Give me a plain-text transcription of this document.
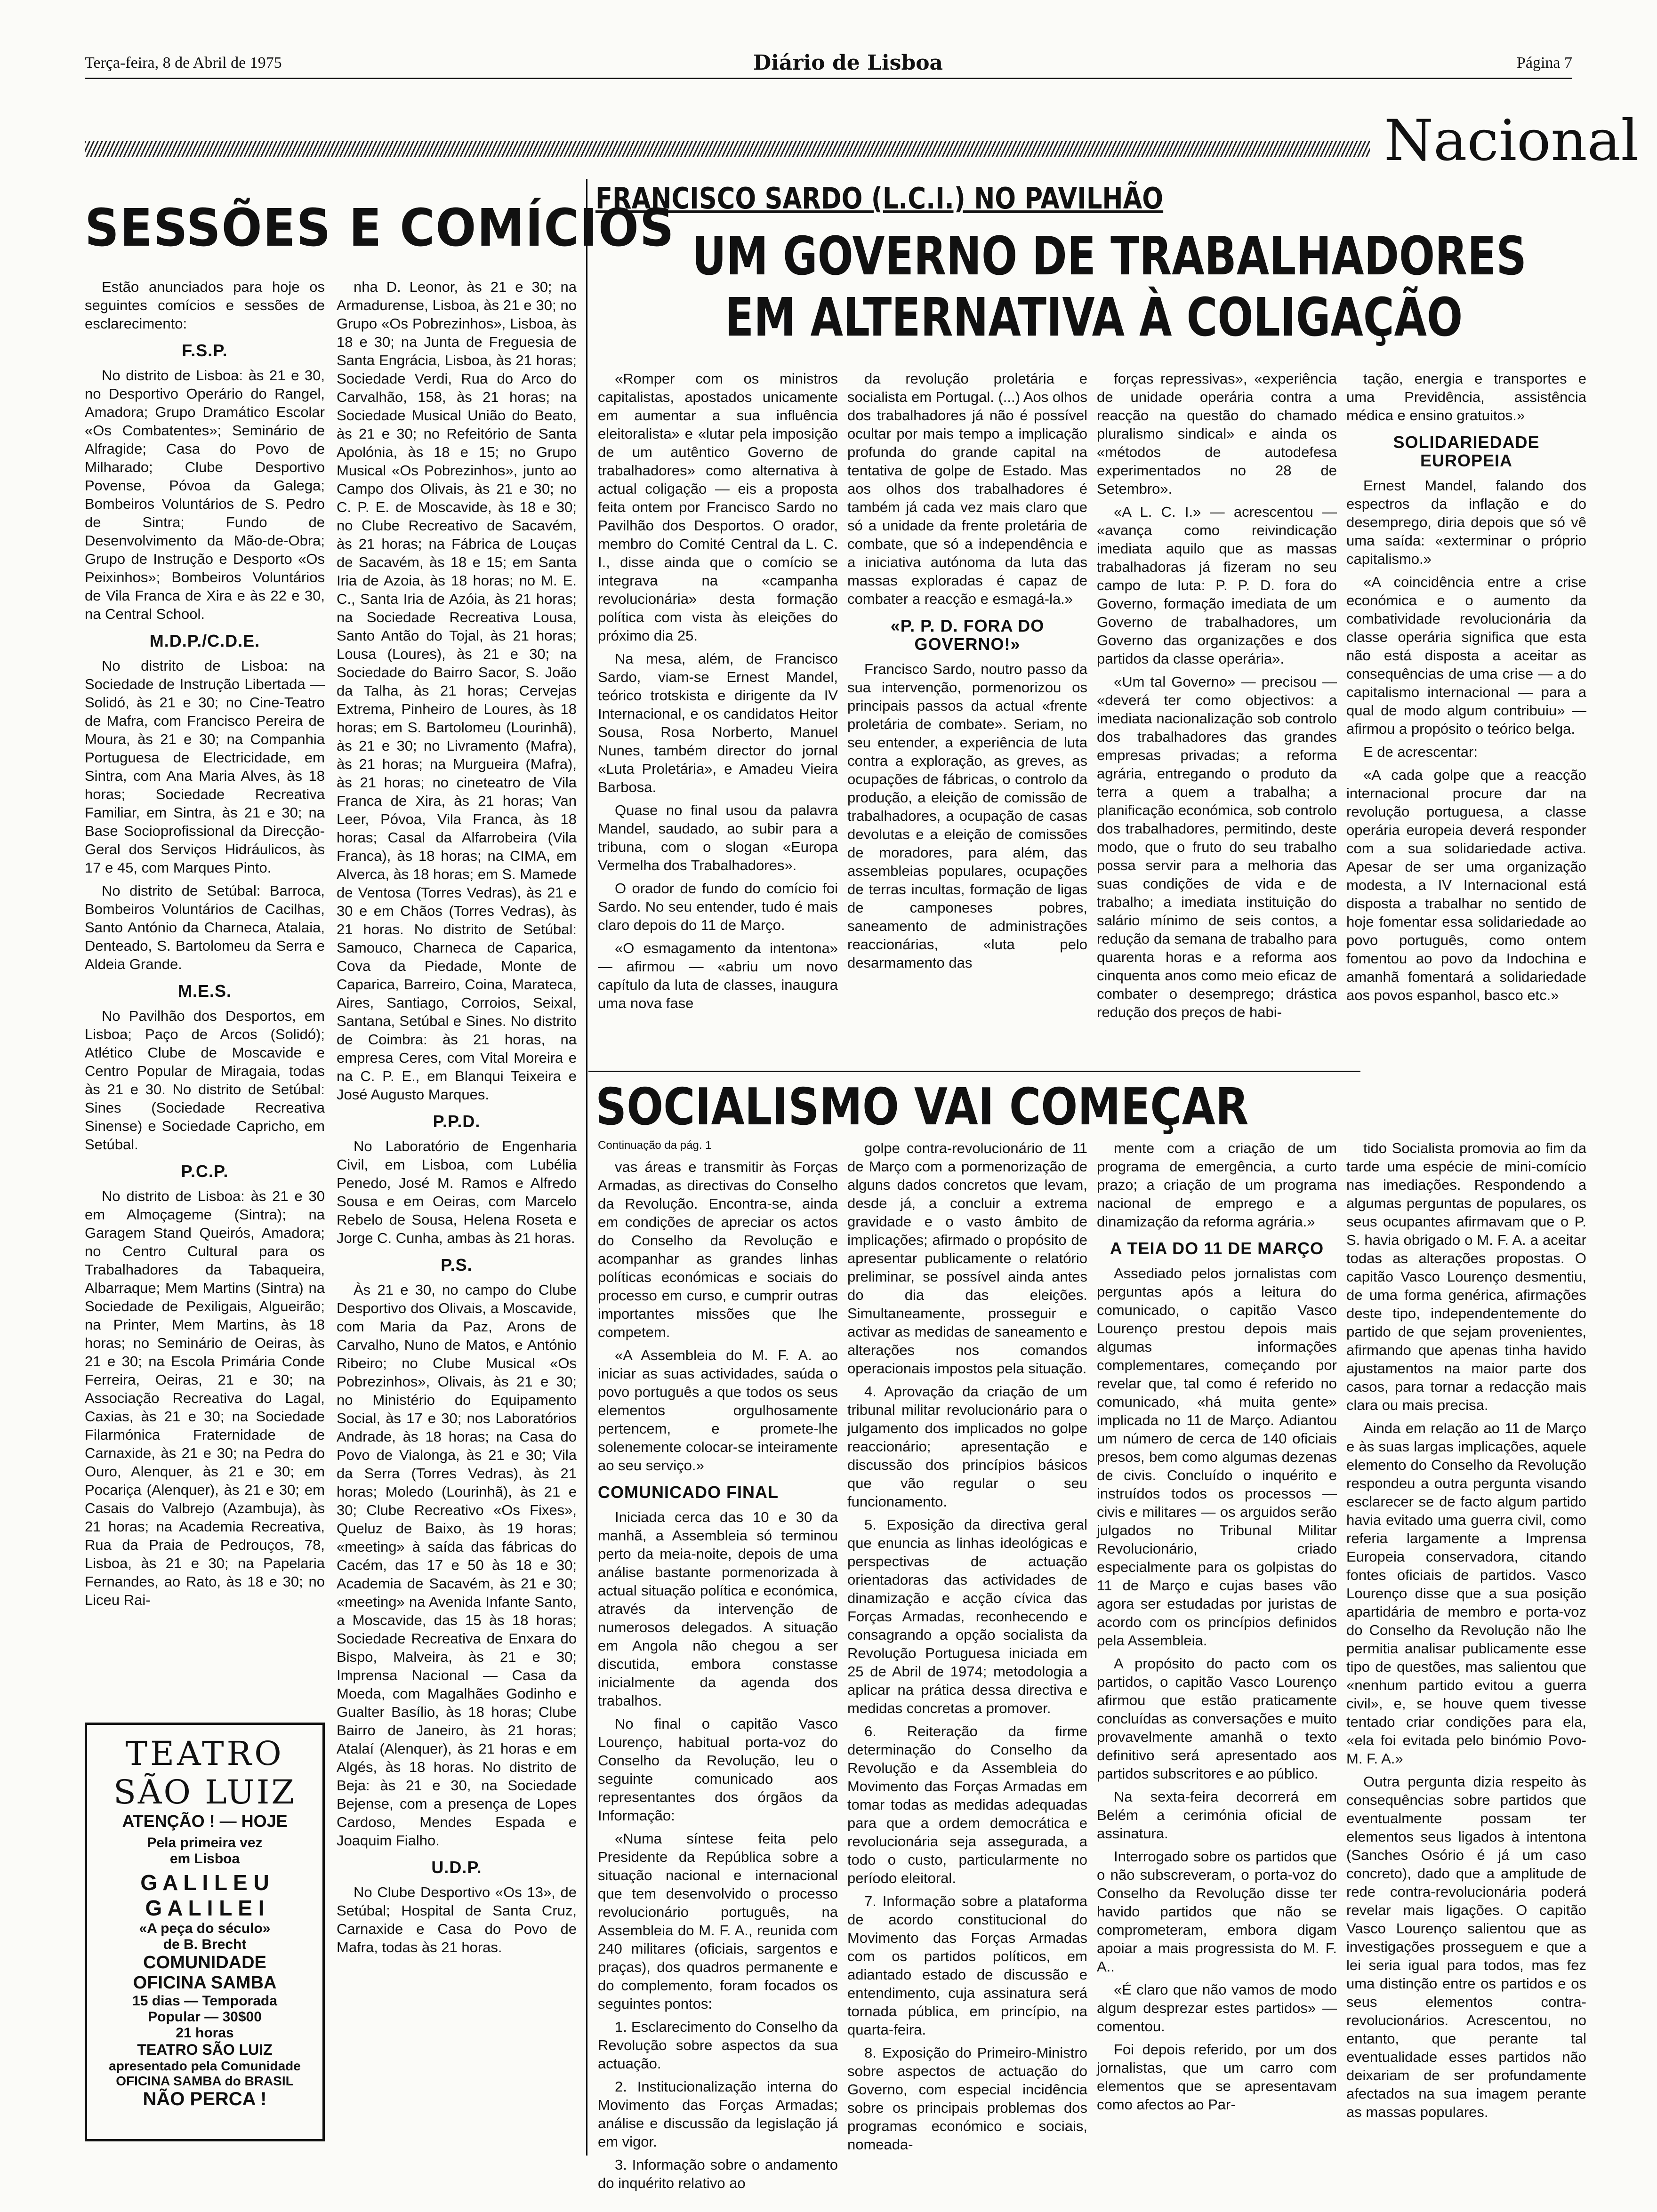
Terça-feira, 8 de Abril de 1975	Diário de Lisboa	Página 7
Nacional
SESSÕES E COMÍCIOS

Estão anunciados para hoje os seguintes comícios e sessões de esclarecimento:

F.S.P.

No distrito de Lisboa: às 21 e 30, no Desportivo Operário do Rangel, Amadora; Grupo Dramático Escolar «Os Combatentes»; Seminário de Alfragide; Casa do Povo de Milharado; Clube Desportivo Povense, Póvoa da Galega; Bombeiros Voluntários de S. Pedro de Sintra; Fundo de Desenvolvimento da Mão-de-Obra; Grupo de Instrução e Desporto «Os Peixinhos»; Bombeiros Voluntários de Vila Franca de Xira e às 22 e 30, na Central School.

M.D.P./C.D.E.

No distrito de Lisboa: na Sociedade de Instrução Libertada — Solidó, às 21 e 30; no Cine-Teatro de Mafra, com Francisco Pereira de Moura, às 21 e 30; na Companhia Portuguesa de Electricidade, em Sintra, com Ana Maria Alves, às 18 horas; Sociedade Recreativa Familiar, em Sintra, às 21 e 30; na Base Socioprofissional da Direcção-Geral dos Serviços Hidráulicos, às 17 e 45, com Marques Pinto.

No distrito de Setúbal: Barroca, Bombeiros Voluntários de Cacilhas, Santo António da Charneca, Atalaia, Denteado, S. Bartolomeu da Serra e Aldeia Grande.

M.E.S.

No Pavilhão dos Desportos, em Lisboa; Paço de Arcos (Solidó); Atlético Clube de Moscavide e Centro Popular de Miragaia, todas às 21 e 30. No distrito de Setúbal: Sines (Sociedade Recreativa Sinense) e Sociedade Capricho, em Setúbal.

P.C.P.

No distrito de Lisboa: às 21 e 30 em Almoçageme (Sintra); na Garagem Stand Queirós, Amadora; no Centro Cultural para os Trabalhadores da Tabaqueira, Albarraque; Mem Martins (Sintra) na Sociedade de Pexiligais, Algueirão; na Printer, Mem Martins, às 18 horas; no Seminário de Oeiras, às 21 e 30; na Escola Primária Conde Ferreira, Oeiras, 21 e 30; na Associação Recreativa do Lagal, Caxias, às 21 e 30; na Sociedade Filarmónica Fraternidade de Carnaxide, às 21 e 30; na Pedra do Ouro, Alenquer, às 21 e 30; em Pocariça (Alenquer), às 21 e 30; em Casais do Valbrejo (Azambuja), às 21 horas; na Academia Recreativa, Rua da Praia de Pedrouços, 78, Lisboa, às 21 e 30; na Papelaria Fernandes, ao Rato, às 18 e 30; no Liceu Rai-

nha D. Leonor, às 21 e 30; na Armadurense, Lisboa, às 21 e 30; no Grupo «Os Pobrezinhos», Lisboa, às 18 e 30; na Junta de Freguesia de Santa Engrácia, Lisboa, às 21 horas; Sociedade Verdi, Rua do Arco do Carvalhão, 158, às 21 horas; na Sociedade Musical União do Beato, às 21 e 30; no Refeitório de Santa Apolónia, às 18 e 15; no Grupo Musical «Os Pobrezinhos», junto ao Campo dos Olivais, às 21 e 30; no C. P. E. de Moscavide, às 18 e 30; no Clube Recreativo de Sacavém, às 21 horas; na Fábrica de Louças de Sacavém, às 18 e 15; em Santa Iria de Azoia, às 18 horas; no M. E. C., Santa Iria de Azóia, às 21 horas; na Sociedade Recreativa Lousa, Santo Antão do Tojal, às 21 horas; Lousa (Loures), às 21 e 30; na Sociedade do Bairro Sacor, S. João da Talha, às 21 horas; Cervejas Extrema, Pinheiro de Loures, às 18 horas; em S. Bartolomeu (Lourinhã), às 21 e 30; no Livramento (Mafra), às 21 horas; na Murgueira (Mafra), às 21 horas; no cineteatro de Vila Franca de Xira, às 21 horas; Van Leer, Póvoa, Vila Franca, às 18 horas; Casal da Alfarrobeira (Vila Franca), às 18 horas; na CIMA, em Alverca, às 18 horas; em S. Mamede de Ventosa (Torres Vedras), às 21 e 30 e em Chãos (Torres Vedras), às 21 horas. No distrito de Setúbal: Samouco, Charneca de Caparica, Cova da Piedade, Monte de Caparica, Barreiro, Coina, Marateca, Aires, Santiago, Corroios, Seixal, Santana, Setúbal e Sines. No distrito de Coimbra: às 21 horas, na empresa Ceres, com Vital Moreira e na C. P. E., em Blanqui Teixeira e José Augusto Marques.

P.P.D.

No Laboratório de Engenharia Civil, em Lisboa, com Lubélia Penedo, José M. Ramos e Alfredo Sousa e em Oeiras, com Marcelo Rebelo de Sousa, Helena Roseta e Jorge C. Cunha, ambas às 21 horas.

P.S.

Às 21 e 30, no campo do Clube Desportivo dos Olivais, a Moscavide, com Maria da Paz, Arons de Carvalho, Nuno de Matos, e António Ribeiro; no Clube Musical «Os Pobrezinhos», Olivais, às 21 e 30; no Ministério do Equipamento Social, às 17 e 30; nos Laboratórios Andrade, às 18 horas; na Casa do Povo de Vialonga, às 21 e 30; Vila da Serra (Torres Vedras), às 21 horas; Moledo (Lourinhã), às 21 e 30; Clube Recreativo «Os Fixes», Queluz de Baixo, às 19 horas; «meeting» à saída das fábricas do Cacém, das 17 e 50 às 18 e 30; Academia de Sacavém, às 21 e 30; «meeting» na Avenida Infante Santo, a Moscavide, das 15 às 18 horas; Sociedade Recreativa de Enxara do Bispo, Malveira, às 21 e 30; Imprensa Nacional — Casa da Moeda, com Magalhães Godinho e Gualter Basílio, às 18 horas; Clube Bairro de Janeiro, às 21 horas; Atalaí (Alenquer), às 21 horas e em Algés, às 18 horas. No distrito de Beja: às 21 e 30, na Sociedade Bejense, com a presença de Lopes Cardoso, Mendes Espada e Joaquim Fialho.

U.D.P.

No Clube Desportivo «Os 13», de Setúbal; Hospital de Santa Cruz, Carnaxide e Casa do Povo de Mafra, todas às 21 horas.

TEATRO
SÃO LUIZ
ATENÇÃO ! — HOJE
Pela primeira vez
em Lisboa
G A L I L E U
G A L I L E I
«A peça do século»
de B. Brecht
COMUNIDADE
OFICINA SAMBA
15 dias — Temporada
Popular — 30$00
21 horas
TEATRO SÃO LUIZ
apresentado pela Comunidade OFICINA SAMBA do BRASIL
NÃO PERCA !
FRANCISCO SARDO (L.C.I.) NO PAVILHÃO
UM GOVERNO DE TRABALHADORES
EM ALTERNATIVA À COLIGAÇÃO

«Romper com os ministros capitalistas, apostados unicamente em aumentar a sua influência eleitoralista» e «lutar pela imposição de um autêntico Governo de trabalhadores» como alternativa à actual coligação — eis a proposta feita ontem por Francisco Sardo no Pavilhão dos Desportos. O orador, membro do Comité Central da L. C. I., disse ainda que o comício se integrava na «campanha revolucionária» desta formação política com vista às eleições do próximo dia 25.

Na mesa, além, de Francisco Sardo, viam-se Ernest Mandel, teórico trotskista e dirigente da IV Internacional, e os candidatos Heitor Sousa, Rosa Norberto, Manuel Nunes, também director do jornal «Luta Proletária», e Amadeu Vieira Barbosa.

Quase no final usou da palavra Mandel, saudado, ao subir para a tribuna, com o slogan «Europa Vermelha dos Trabalhadores».

O orador de fundo do comício foi Sardo. No seu entender, tudo é mais claro depois do 11 de Março.

«O esmagamento da intentona» — afirmou — «abriu um novo capítulo da luta de classes, inaugura uma nova fase

da revolução proletária e socialista em Portugal. (...) Aos olhos dos trabalhadores já não é possível ocultar por mais tempo a implicação profunda do grande capital na tentativa de golpe de Estado. Mas aos olhos dos trabalhadores é também já cada vez mais claro que só a unidade da frente proletária de combate, que só a independência e a iniciativa autónoma da luta das massas exploradas é capaz de combater a reacção e esmagá-la.»

«P. P. D. FORA DO GOVERNO!»

Francisco Sardo, noutro passo da sua intervenção, pormenorizou os principais passos da actual «frente proletária de combate». Seriam, no seu entender, a experiência de luta contra a exploração, as greves, as ocupações de fábricas, o controlo da produção, a eleição de comissão de trabalhadores, a ocupação de casas devolutas e a eleição de comissões de moradores, para além, das assembleias populares, ocupações de terras incultas, formação de ligas de camponeses pobres, saneamento de administrações reaccionárias, «luta pelo desarmamento das

forças repressivas», «experiência de unidade operária contra a reacção na questão do chamado pluralismo sindical» e ainda os «métodos de autodefesa experimentados no 28 de Setembro».

«A L. C. I.» — acrescentou — «avança como reivindicação imediata aquilo que as massas trabalhadoras já fizeram no seu campo de luta: P. P. D. fora do Governo, formação imediata de um Governo de trabalhadores, um Governo das organizações e dos partidos da classe operária».

«Um tal Governo» — precisou — «deverá ter como objectivos: a imediata nacionalização sob controlo dos trabalhadores das grandes empresas privadas; a reforma agrária, entregando o produto da terra a quem a trabalha; a planificação económica, sob controlo dos trabalhadores, permitindo, deste modo, que o fruto do seu trabalho possa servir para a melhoria das suas condições de vida e de trabalho; a imediata instituição do salário mínimo de seis contos, a redução da semana de trabalho para quarenta horas e a reforma aos cinquenta anos como meio eficaz de combater o desemprego; drástica redução dos preços de habi-

tação, energia e transportes e uma Previdência, assistência médica e ensino gratuitos.»

SOLIDARIEDADE EUROPEIA

Ernest Mandel, falando dos espectros da inflação e do desemprego, diria depois que só vê uma saída: «exterminar o próprio capitalismo.»

«A coincidência entre a crise económica e o aumento da combatividade revolucionária da classe operária significa que esta não está disposta a aceitar as consequências de uma crise — a do capitalismo internacional — para a qual de modo algum contribuiu» — afirmou a propósito o teórico belga.

E de acrescentar:

«A cada golpe que a reacção internacional procure dar na revolução portuguesa, a classe operária europeia deverá responder com a sua solidariedade activa. Apesar de ser uma organização modesta, a IV Internacional está disposta a trabalhar no sentido de hoje fomentar essa solidariedade ao povo português, como ontem fomentou ao povo da Indochina e amanhã fomentará a solidariedade aos povos espanhol, basco etc.»

SOCIALISMO VAI COMEÇAR
Continuação da pág. 1

vas áreas e transmitir às Forças Armadas, as directivas do Conselho da Revolução. Encontra-se, ainda em condições de apreciar os actos do Conselho da Revolução e acompanhar as grandes linhas políticas económicas e sociais do processo em curso, e cumprir outras importantes missões que lhe competem.

«A Assembleia do M. F. A. ao iniciar as suas actividades, saúda o povo português a que todos os seus elementos orgulhosamente pertencem, e promete-lhe solenemente colocar-se inteiramente ao seu serviço.»

COMUNICADO FINAL

Iniciada cerca das 10 e 30 da manhã, a Assembleia só terminou perto da meia-noite, depois de uma análise bastante pormenorizada à actual situação política e económica, através da intervenção de numerosos delegados. A situação em Angola não chegou a ser discutida, embora constasse inicialmente da agenda dos trabalhos.

No final o capitão Vasco Lourenço, habitual porta-voz do Conselho da Revolução, leu o seguinte comunicado aos representantes dos órgãos da Informação:

«Numa síntese feita pelo Presidente da República sobre a situação nacional e internacional que tem desenvolvido o processo revolucionário português, na Assembleia do M. F. A., reunida com 240 militares (oficiais, sargentos e praças), dos quadros permanente e do complemento, foram focados os seguintes pontos:

1. Esclarecimento do Conselho da Revolução sobre aspectos da sua actuação.

2. Institucionalização interna do Movimento das Forças Armadas; análise e discussão da legislação já em vigor.

3. Informação sobre o andamento do inquérito relativo ao

golpe contra-revolucionário de 11 de Março com a pormenorização de alguns dados concretos que levam, desde já, a concluir a extrema gravidade e o vasto âmbito de implicações; afirmado o propósito de apresentar publicamente o relatório preliminar, se possível ainda antes do dia das eleições. Simultaneamente, prosseguir e activar as medidas de saneamento e alterações nos comandos operacionais impostos pela situação.

4. Aprovação da criação de um tribunal militar revolucionário para o julgamento dos implicados no golpe reaccionário; apresentação e discussão dos princípios básicos que vão regular o seu funcionamento.

5. Exposição da directiva geral que enuncia as linhas ideológicas e perspectivas de actuação orientadoras das actividades de dinamização e acção cívica das Forças Armadas, reconhecendo e consagrando a opção socialista da Revolução Portuguesa iniciada em 25 de Abril de 1974; metodologia a aplicar na prática dessa directiva e medidas concretas a promover.

6. Reiteração da firme determinação do Conselho da Revolução e da Assembleia do Movimento das Forças Armadas em tomar todas as medidas adequadas para que a ordem democrática e revolucionária seja assegurada, a todo o custo, particularmente no período eleitoral.

7. Informação sobre a plataforma de acordo constitucional do Movimento das Forças Armadas com os partidos políticos, em adiantado estado de discussão e entendimento, cuja assinatura será tornada pública, em princípio, na quarta-feira.

8. Exposição do Primeiro-Ministro sobre aspectos de actuação do Governo, com especial incidência sobre os principais problemas dos programas económico e sociais, nomeada-

mente com a criação de um programa de emergência, a curto prazo; a criação de um programa nacional de emprego e a dinamização da reforma agrária.»

A TEIA DO 11 DE MARÇO

Assediado pelos jornalistas com perguntas após a leitura do comunicado, o capitão Vasco Lourenço prestou depois mais algumas informações complementares, começando por revelar que, tal como é referido no comunicado, «há muita gente» implicada no 11 de Março. Adiantou um número de cerca de 140 oficiais presos, bem como algumas dezenas de civis. Concluído o inquérito e instruídos todos os processos — civis e militares — os arguidos serão julgados no Tribunal Militar Revolucionário, criado especialmente para os golpistas do 11 de Março e cujas bases vão agora ser estudadas por juristas de acordo com os princípios definidos pela Assembleia.

A propósito do pacto com os partidos, o capitão Vasco Lourenço afirmou que estão praticamente concluídas as conversações e muito provavelmente amanhã o texto definitivo será apresentado aos partidos subscritores e ao público.

Na sexta-feira decorrerá em Belém a cerimónia oficial de assinatura.

Interrogado sobre os partidos que o não subscreveram, o porta-voz do Conselho da Revolução disse ter havido partidos que não se comprometeram, embora digam apoiar a mais progressista do M. F. A..

«É claro que não vamos de modo algum desprezar estes partidos» — comentou.

Foi depois referido, por um dos jornalistas, que um carro com elementos que se apresentavam como afectos ao Par-

tido Socialista promovia ao fim da tarde uma espécie de mini-comício nas imediações. Respondendo a algumas perguntas de populares, os seus ocupantes afirmavam que o P. S. havia obrigado o M. F. A. a aceitar todas as alterações propostas. O capitão Vasco Lourenço desmentiu, de uma forma genérica, afirmações deste tipo, independentemente do partido de que sejam provenientes, afirmando que apenas tinha havido ajustamentos na maior parte dos casos, para tornar a redacção mais clara ou mais precisa.

Ainda em relação ao 11 de Março e às suas largas implicações, aquele elemento do Conselho da Revolução respondeu a outra pergunta visando esclarecer se de facto algum partido havia evitado uma guerra civil, como referia largamente a Imprensa Europeia conservadora, citando fontes oficiais de partidos. Vasco Lourenço disse que a sua posição apartidária de membro e porta-voz do Conselho da Revolução não lhe permitia analisar publicamente esse tipo de questões, mas salientou que «nenhum partido evitou a guerra civil», e, se houve quem tivesse tentado criar condições para ela, «ela foi evitada pelo binómio Povo-M. F. A.»

Outra pergunta dizia respeito às consequências sobre partidos que eventualmente possam ter elementos seus ligados à intentona (Sanches Osório é já um caso concreto), dado que a amplitude de rede contra-revolucionária poderá revelar mais ligações. O capitão Vasco Lourenço salientou que as investigações prosseguem e que a lei seria igual para todos, mas fez uma distinção entre os partidos e os seus elementos contra-revolucionários. Acrescentou, no entanto, que perante tal eventualidade esses partidos não deixariam de ser profundamente afectados na sua imagem perante as massas populares.
